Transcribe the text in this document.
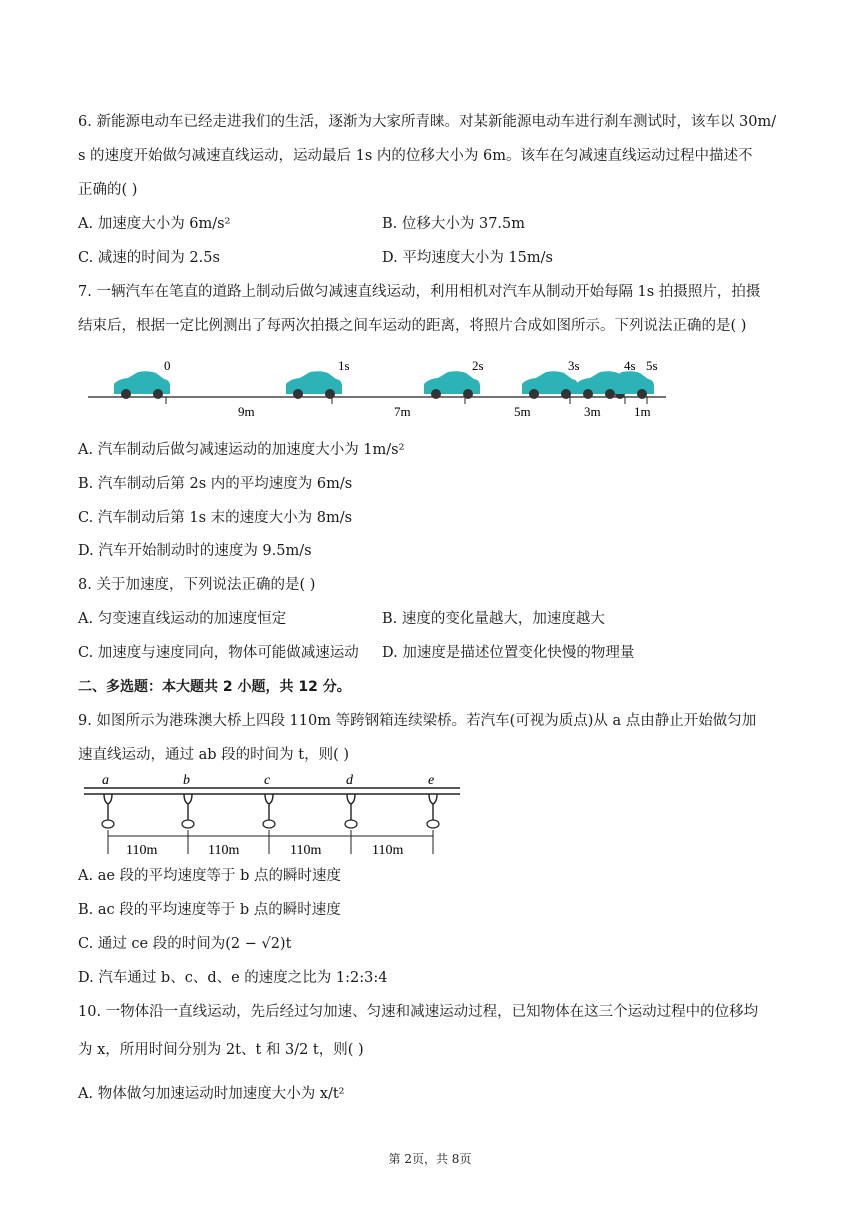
6. 新能源电动车已经走进我们的生活，逐渐为大家所青睐。对某新能源电动车进行刹车测试时，该车以 30m/
s 的速度开始做匀减速直线运动，运动最后 1s 内的位移大小为 6m。该车在匀减速直线运动过程中描述不
正确的( )
A. 加速度大小为 6m/s²	B. 位移大小为 37.5m
C. 减速的时间为 2.5s	D. 平均速度大小为 15m/s
7. 一辆汽车在笔直的道路上制动后做匀减速直线运动，利用相机对汽车从制动开始每隔 1s 拍摄照片，拍摄
结束后，根据一定比例测出了每两次拍摄之间车运动的距离，将照片合成如图所示。下列说法正确的是( )
0	1s	2s	3s	4s 5s
9m	7m	5m	3m	1m
A. 汽车制动后做匀减速运动的加速度大小为 1m/s²
B. 汽车制动后第 2s 内的平均速度为 6m/s
C. 汽车制动后第 1s 末的速度大小为 8m/s
D. 汽车开始制动时的速度为 9.5m/s
8. 关于加速度，下列说法正确的是( )
A. 匀变速直线运动的加速度恒定	B. 速度的变化量越大，加速度越大
C. 加速度与速度同向，物体可能做减速运动 D. 加速度是描述位置变化快慢的物理量
二、多选题：本大题共 2 小题，共 12 分。
9. 如图所示为港珠澳大桥上四段 110m 等跨钢箱连续梁桥。若汽车(可视为质点)从 a 点由静止开始做匀加
速直线运动，通过 ab 段的时间为 t，则( )
a	b	c	d	e
110m	110m	110m	110m
A. ae 段的平均速度等于 b 点的瞬时速度
B. ac 段的平均速度等于 b 点的瞬时速度
C. 通过 ce 段的时间为(2 − √2)t
D. 汽车通过 b、c、d、e 的速度之比为 1:2:3:4
10. 一物体沿一直线运动，先后经过匀加速、匀速和减速运动过程，已知物体在这三个运动过程中的位移均
为 x，所用时间分别为 2t、t 和 3/2 t，则( )
A. 物体做匀加速运动时加速度大小为 x/t²
第 2页，共 8页
